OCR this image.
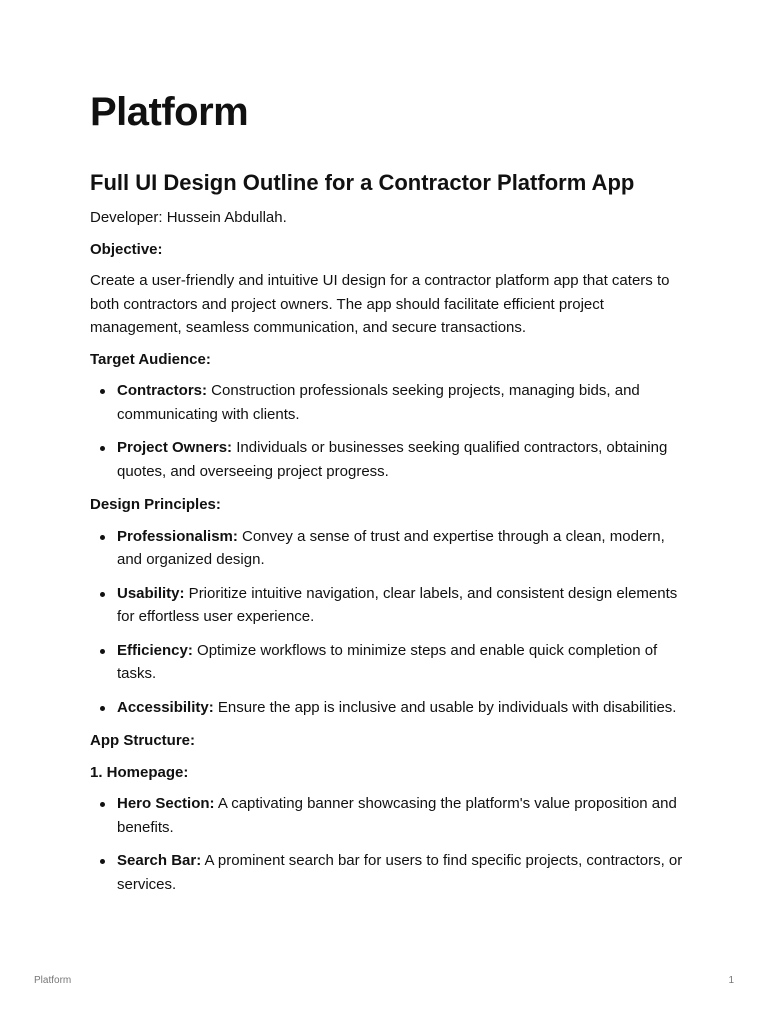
Platform
Full UI Design Outline for a Contractor Platform App

Developer: Hussein Abdullah.

Objective:

Create a user-friendly and intuitive UI design for a contractor platform app that caters to both contractors and project owners. The app should facilitate efficient project management, seamless communication, and secure transactions.

Target Audience:

Contractors: Construction professionals seeking projects, managing bids, and communicating with clients.
Project Owners: Individuals or businesses seeking qualified contractors, obtaining quotes, and overseeing project progress.

Design Principles:

Professionalism: Convey a sense of trust and expertise through a clean, modern, and organized design.
Usability: Prioritize intuitive navigation, clear labels, and consistent design elements for effortless user experience.
Efficiency: Optimize workflows to minimize steps and enable quick completion of tasks.
Accessibility: Ensure the app is inclusive and usable by individuals with disabilities.

App Structure:

1. Homepage:

Hero Section: A captivating banner showcasing the platform's value proposition and benefits.
Search Bar: A prominent search bar for users to find specific projects, contractors, or services.
Platform	1
